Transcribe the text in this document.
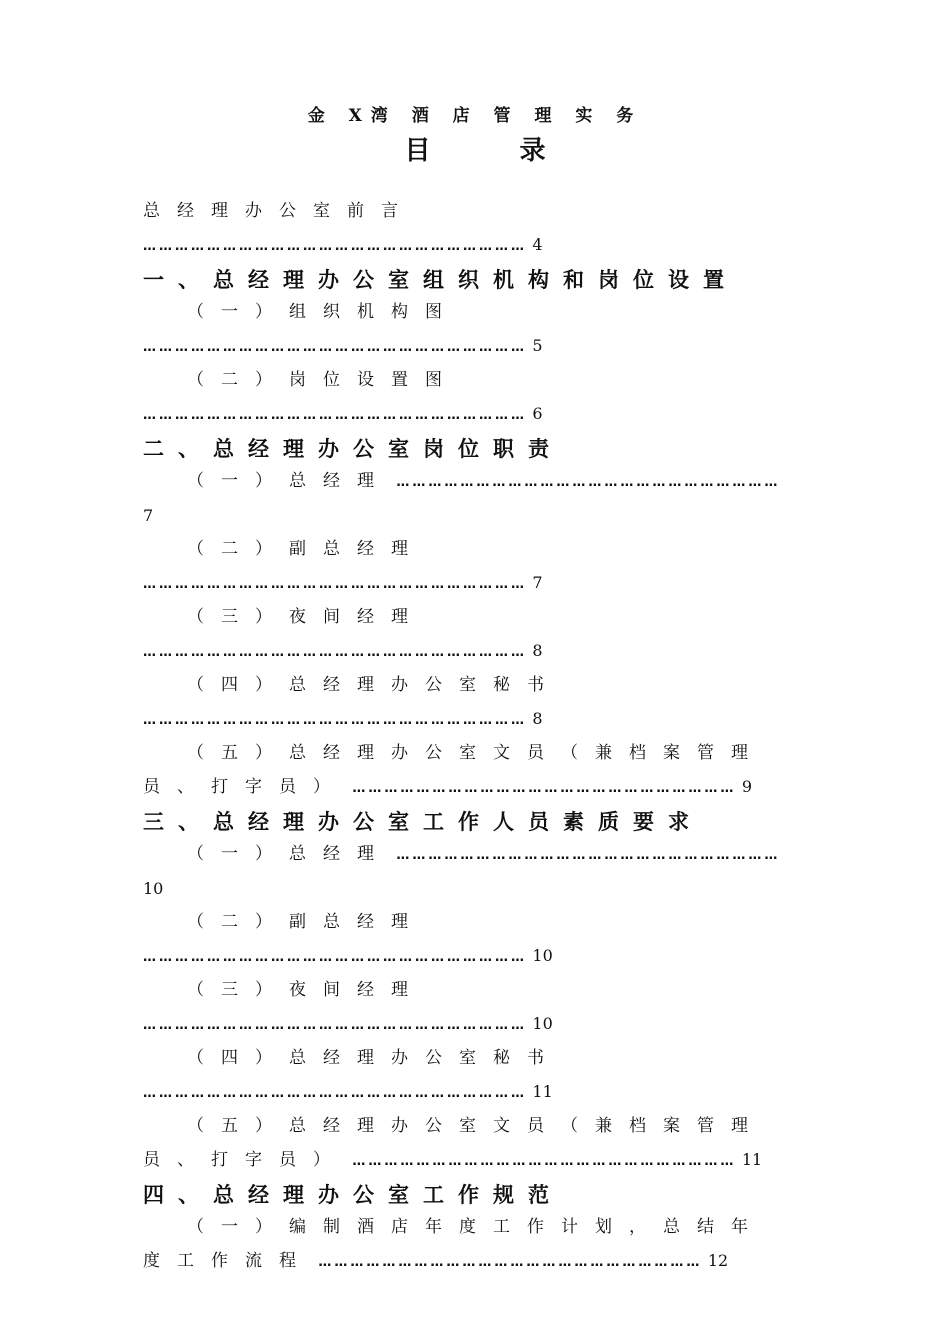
金 X湾 酒 店 管 理 实 务
目 录
总经理办公室前言 ……………………………………………………………… 4
一、总经理办公室组织机构和岗位设置
（一）组织机构图 ……………………………………………………………… 5
（二）岗位设置图 ……………………………………………………………… 6
二、总经理办公室岗位职责
（一）总经理 ……………………………………………………………… 7
（二）副总经理 ……………………………………………………………… 7
（三）夜间经理 ……………………………………………………………… 8
（四）总经理办公室秘书 ……………………………………………………………… 8
（五）总经理办公室文员（兼档案管理员、打字员） ……………………………………………………………… 9
三、总经理办公室工作人员素质要求
（一）总经理 ……………………………………………………………… 10
（二）副总经理 ……………………………………………………………… 10
（三）夜间经理 ……………………………………………………………… 10
（四）总经理办公室秘书 ……………………………………………………………… 11
（五）总经理办公室文员（兼档案管理员、打字员） ……………………………………………………………… 11
四、总经理办公室工作规范
（一）编制酒店年度工作计划，总结年度工作流程 ……………………………………………………………… 12
